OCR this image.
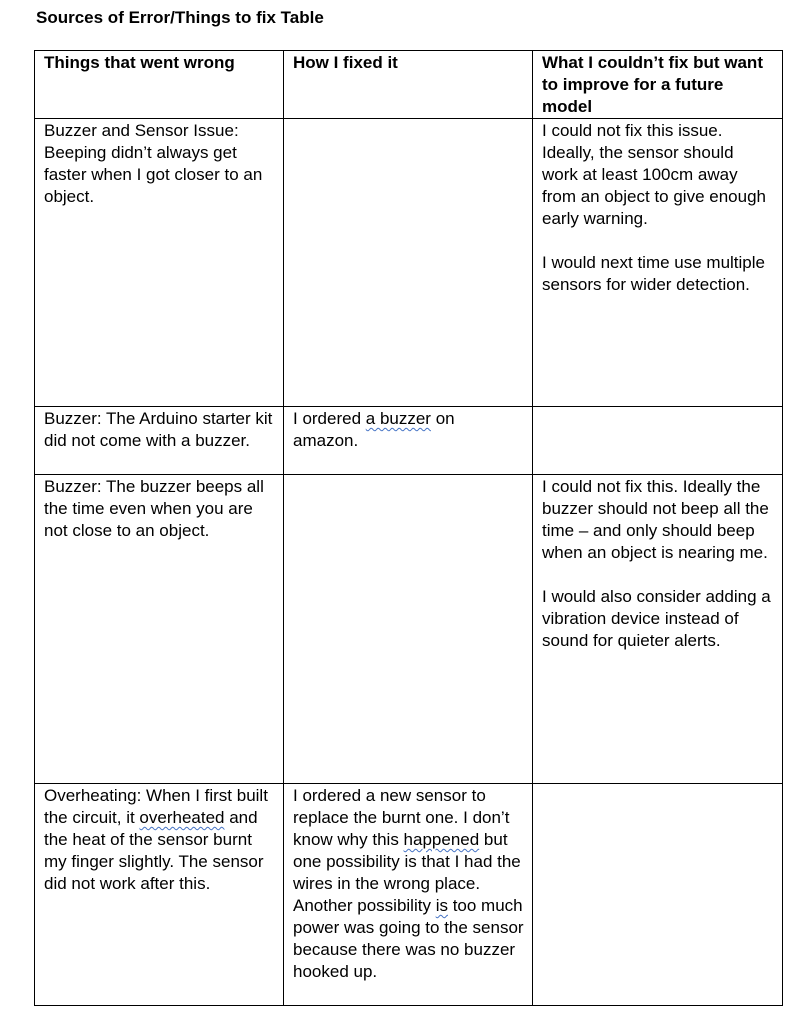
Sources of Error/Things to fix Table
Things that went wrong	How I fixed it	What I couldn’t fix but want to improve for a future model
Buzzer and Sensor Issue: Beeping didn’t always get faster when I got closer to an object.		I could not fix this issue. Ideally, the sensor should work at least 100cm away from an object to give enough early warning.
I would next time use multiple sensors for wider detection.

Buzzer: The Arduino starter kit did not come with a buzzer.	I ordered a buzzer on amazon.	
Buzzer: The buzzer beeps all the time even when you are not close to an object.		I could not fix this. Ideally the buzzer should not beep all the time – and only should beep when an object is nearing me.
I would also consider adding a vibration device instead of sound for quieter alerts.

Overheating: When I first built the circuit, it overheated and the heat of the sensor burnt my finger slightly. The sensor did not work after this.	I ordered a new sensor to replace the burnt one. I don’t know why this happened but one possibility is that I had the wires in the wrong place. Another possibility is too much power was going to the sensor because there was no buzzer hooked up.	
